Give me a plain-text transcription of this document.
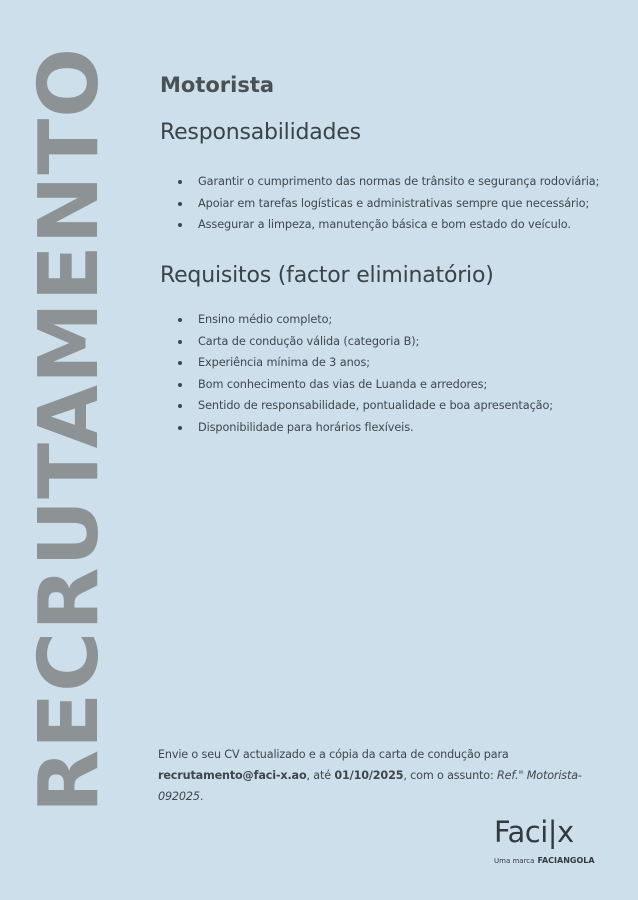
RECRUTAMENTO Motorista
Responsabilidades
Garantir o cumprimento das normas de trânsito e segurança rodoviária;
Apoiar em tarefas logísticas e administrativas sempre que necessário;
Assegurar a limpeza, manutenção básica e bom estado do veículo.
Requisitos (factor eliminatório)
Ensino médio completo;
Carta de condução válida (categoria B);
Experiência mínima de 3 anos;
Bom conhecimento das vias de Luanda e arredores;
Sentido de responsabilidade, pontualidade e boa apresentação;
Disponibilidade para horários flexíveis.
Envie o seu CV actualizado e a cópia da carta de condução para
recrutamento@faci-x.ao, até 01/10/2025, com o assunto: Ref." Motorista-092025.
Faci|x
Uma marca FACIANGOLA
